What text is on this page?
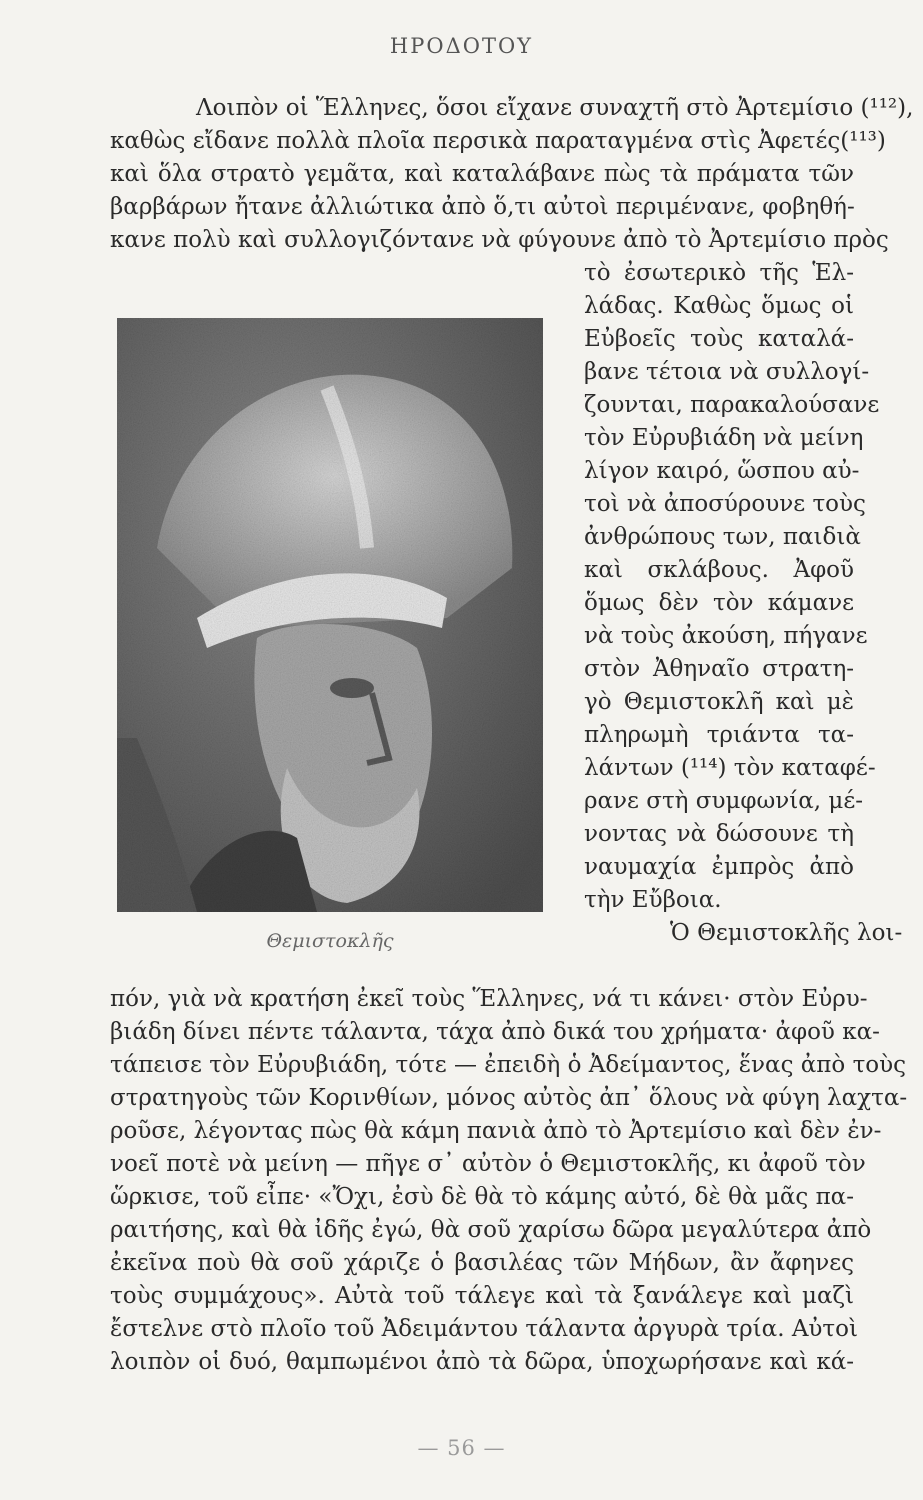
ΗΡΟΔΟΤΟΥ
Λοιπὸν οἱ Ἕλληνες, ὅσοι εἴχανε συναχτῆ στὸ Ἀρτεμίσιο (¹¹²),
καθὼς εἴδανε πολλὰ πλοῖα περσικὰ παραταγμένα στὶς Ἀφετές(¹¹³)
καὶ ὅλα στρατὸ γεμᾶτα, καὶ καταλάβανε πὼς τὰ πράματα τῶν
βαρβάρων ἤτανε ἀλλιώτικα ἀπὸ ὅ,τι αὐτοὶ περιμένανε, φοβηθή-
κανε πολὺ καὶ συλλογιζόντανε νὰ φύγουνε ἀπὸ τὸ Ἀρτεμίσιο πρὸς
Θεμιστοκλῆς
τὸ ἐσωτερικὸ τῆς Ἑλ-
λάδας. Καθὼς ὅμως οἱ
Εὐβοεῖς τοὺς καταλά-
βανε τέτοια νὰ συλλογί-
ζουνται, παρακαλούσανε
τὸν Εὐρυβιάδη νὰ μείνη
λίγον καιρό, ὥσπου αὐ-
τοὶ νὰ ἀποσύρουνε τοὺς
ἀνθρώπους των, παιδιὰ
καὶ σκλάβους. Ἀφοῦ
ὅμως δὲν τὸν κάμανε
νὰ τοὺς ἀκούση, πήγανε
στὸν Ἀθηναῖο στρατη-
γὸ Θεμιστοκλῆ καὶ μὲ
πληρωμὴ τριάντα τα-
λάντων (¹¹⁴) τὸν καταφέ-
ρανε στὴ συμφωνία, μέ-
νοντας νὰ δώσουνε τὴ
ναυμαχία ἐμπρὸς ἀπὸ
τὴν Εὔβοια.
Ὁ Θεμιστοκλῆς λοι-
πόν, γιὰ νὰ κρατήση ἐκεῖ τοὺς Ἕλληνες, νά τι κάνει· στὸν Εὐρυ-
βιάδη δίνει πέντε τάλαντα, τάχα ἀπὸ δικά του χρήματα· ἀφοῦ κα-
τάπεισε τὸν Εὐρυβιάδη, τότε — ἐπειδὴ ὁ Ἀδείμαντος, ἕνας ἀπὸ τοὺς
στρατηγοὺς τῶν Κορινθίων, μόνος αὐτὸς ἀπ᾿ ὅλους νὰ φύγη λαχτα-
ροῦσε, λέγοντας πὼς θὰ κάμη πανιὰ ἀπὸ τὸ Ἀρτεμίσιο καὶ δὲν ἐν-
νοεῖ ποτὲ νὰ μείνη — πῆγε σ᾿ αὐτὸν ὁ Θεμιστοκλῆς, κι ἀφοῦ τὸν
ὥρκισε, τοῦ εἶπε· «Ὄχι, ἐσὺ δὲ θὰ τὸ κάμης αὐτό, δὲ θὰ μᾶς πα-
ραιτήσης, καὶ θὰ ἰδῆς ἐγώ, θὰ σοῦ χαρίσω δῶρα μεγαλύτερα ἀπὸ
ἐκεῖνα ποὺ θὰ σοῦ χάριζε ὁ βασιλέας τῶν Μήδων, ἂν ἄφηνες
τοὺς συμμάχους». Αὐτὰ τοῦ τάλεγε καὶ τὰ ξανάλεγε καὶ μαζὶ
ἔστελνε στὸ πλοῖο τοῦ Ἀδειμάντου τάλαντα ἀργυρὰ τρία. Αὐτοὶ
λοιπὸν οἱ δυό, θαμπωμένοι ἀπὸ τὰ δῶρα, ὑποχωρήσανε καὶ κά-
— 56 —
